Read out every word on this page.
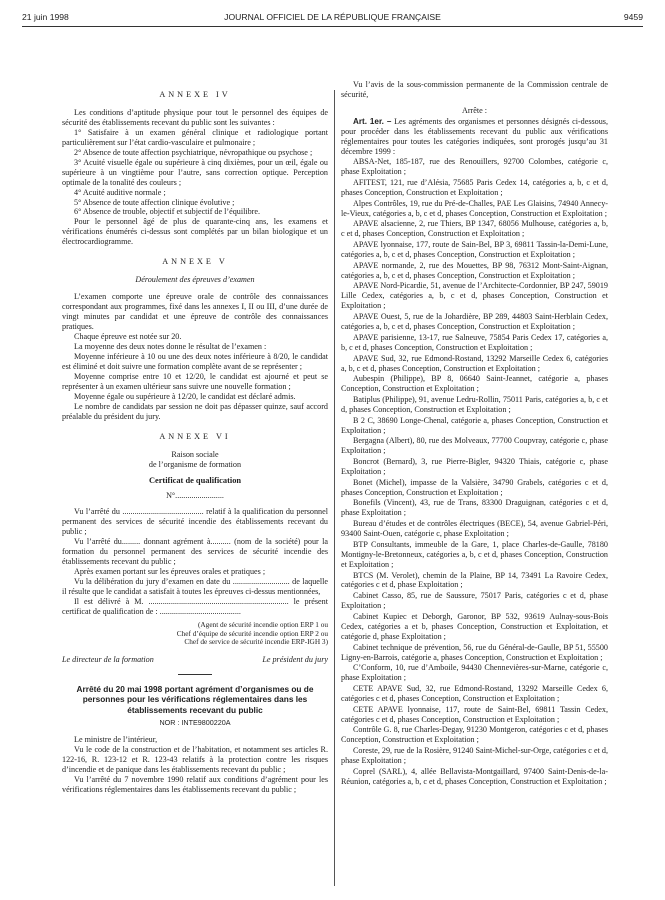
21 juin 1998	JOURNAL OFFICIEL DE LA RÉPUBLIQUE FRANÇAISE	9459
ANNEXE IV

Les conditions d’aptitude physique pour tout le personnel des équipes de sécurité des établissements recevant du public sont les suivantes :

1° Satisfaire à un examen général clinique et radiologique portant particulièrement sur l’état cardio-vasculaire et pulmonaire ;

2° Absence de toute affection psychiatrique, névropathique ou psychose ;

3° Acuité visuelle égale ou supérieure à cinq dixièmes, pour un œil, égale ou supérieure à un vingtième pour l’autre, sans correction optique. Perception optimale de la tonalité des couleurs ;

4° Acuité auditive normale ;

5° Absence de toute affection clinique évolutive ;

6° Absence de trouble, objectif et subjectif de l’équilibre.

Pour le personnel âgé de plus de quarante-cinq ans, les examens et vérifications énumérés ci-dessus sont complétés par un bilan biologique et un électrocardiogramme.

ANNEXE V
Déroulement des épreuves d’examen

L’examen comporte une épreuve orale de contrôle des connaissances correspondant aux programmes, fixé dans les annexes I, II ou III, d’une durée de vingt minutes par candidat et une épreuve de contrôle des connaissances pratiques.

Chaque épreuve est notée sur 20.

La moyenne des deux notes donne le résultat de l’examen :

Moyenne inférieure à 10 ou une des deux notes inférieure à 8/20, le candidat est éliminé et doit suivre une formation complète avant de se représenter ;

Moyenne comprise entre 10 et 12/20, le candidat est ajourné et peut se représenter à un examen ultérieur sans suivre une nouvelle formation ;

Moyenne égale ou supérieure à 12/20, le candidat est déclaré admis.

Le nombre de candidats par session ne doit pas dépasser quinze, sauf accord préalable du président du jury.

ANNEXE VI

Raison sociale

de l’organisme de formation

Certificat de qualification

N°........................

Vu l’arrêté du ........................................ relatif à la qualification du personnel permanent des services de sécurité incendie des établissements recevant du public ;

Vu l’arrêté du......... donnant agrément à.......... (nom de la société) pour la formation du personnel permanent des services de sécurité incendie des établissements recevant du public ;

Après examen portant sur les épreuves orales et pratiques ;

Vu la délibération du jury d’examen en date du ............................ de laquelle il résulte que le candidat a satisfait à toutes les épreuves ci-dessus mentionnées,

Il est délivré à M. ..................................................................... le présent certificat de qualification de : ........................................

(Agent de sécurité incendie option ERP 1 ou
Chef d’équipe de sécurité incendie option ERP 2 ou
Chef de service de sécurité incendie ERP-IGH 3)
Le directeur de la formation	Le président du jury
Arrêté du 20 mai 1998 portant agrément d’organismes ou de personnes pour les vérifications réglementaires dans les établissements recevant du public
NOR : INTE9800220A

Le ministre de l’intérieur,

Vu le code de la construction et de l’habitation, et notamment ses articles R. 122-16, R. 123-12 et R. 123-43 relatifs à la protection contre les risques d’incendie et de panique dans les établissements recevant du public ;

Vu l’arrêté du 7 novembre 1990 relatif aux conditions d’agrément pour les vérifications réglementaires dans les établissements recevant du public ;

Vu l’avis de la sous-commission permanente de la Commission centrale de sécurité,

Arrête :

Art. 1er. – Les agréments des organismes et personnes désignés ci-dessous, pour procéder dans les établissements recevant du public aux vérifications réglementaires pour toutes les catégories indiquées, sont prorogés jusqu’au 31 décembre 1999 :

ABSA-Net, 185-187, rue des Renouillers, 92700 Colombes, catégorie c, phase Exploitation ;

AFITEST, 121, rue d’Alésia, 75685 Paris Cedex 14, catégories a, b, c et d, phases Conception, Construction et Exploitation ;

Alpes Contrôles, 19, rue du Pré-de-Challes, PAE Les Glaisins, 74940 Annecy-le-Vieux, catégories a, b, c et d, phases Conception, Construction et Exploitation ;

APAVE alsacienne, 2, rue Thiers, BP 1347, 68056 Mulhouse, catégories a, b, c et d, phases Conception, Construction et Exploitation ;

APAVE lyonnaise, 177, route de Sain-Bel, BP 3, 69811 Tassin-la-Demi-Lune, catégories a, b, c et d, phases Conception, Construction et Exploitation ;

APAVE normande, 2, rue des Mouettes, BP 98, 76312 Mont-Saint-Aignan, catégories a, b, c et d, phases Conception, Construction et Exploitation ;

APAVE Nord-Picardie, 51, avenue de l’Architecte-Cordonnier, BP 247, 59019 Lille Cedex, catégories a, b, c et d, phases Conception, Construction et Exploitation ;

APAVE Ouest, 5, rue de la Johardière, BP 289, 44803 Saint-Herblain Cedex, catégories a, b, c et d, phases Conception, Construction et Exploitation ;

APAVE parisienne, 13-17, rue Salneuve, 75854 Paris Cedex 17, catégories a, b, c et d, phases Conception, Construction et Exploitation ;

APAVE Sud, 32, rue Edmond-Rostand, 13292 Marseille Cedex 6, catégories a, b, c et d, phases Conception, Construction et Exploitation ;

Aubespin (Philippe), BP 8, 06640 Saint-Jeannet, catégorie a, phases Conception, Construction et Exploitation ;

Batiplus (Philippe), 91, avenue Ledru-Rollin, 75011 Paris, catégories a, b, c et d, phases Conception, Construction et Exploitation ;

B 2 C, 38690 Longe-Chenal, catégorie a, phases Conception, Construction et Exploitation ;

Bergagna (Albert), 80, rue des Molveaux, 77700 Coupvray, catégorie c, phase Exploitation ;

Boncrot (Bernard), 3, rue Pierre-Bigler, 94320 Thiais, catégorie c, phase Exploitation ;

Bonet (Michel), impasse de la Valsière, 34790 Grabels, catégories c et d, phases Conception, Construction et Exploitation ;

Bonefils (Vincent), 43, rue de Trans, 83300 Draguignan, catégories c et d, phase Exploitation ;

Bureau d’études et de contrôles électriques (BECE), 54, avenue Gabriel-Péri, 93400 Saint-Ouen, catégorie c, phase Exploitation ;

BTP Consultants, immeuble de la Gare, 1, place Charles-de-Gaulle, 78180 Montigny-le-Bretonneux, catégories a, b, c et d, phases Conception, Construction et Exploitation ;

BTCS (M. Verolet), chemin de la Plaine, BP 14, 73491 La Ravoire Cedex, catégories c et d, phase Exploitation ;

Cabinet Casso, 85, rue de Saussure, 75017 Paris, catégories c et d, phase Exploitation ;

Cabinet Kupiec et Deborgh, Garonor, BP 532, 93619 Aulnay-sous-Bois Cedex, catégories a et b, phases Conception, Construction et Exploitation, et catégorie d, phase Exploitation ;

Cabinet technique de prévention, 56, rue du Général-de-Gaulle, BP 51, 55500 Ligny-en-Barrois, catégorie a, phases Conception, Construction et Exploitation ;

C’Conform, 10, rue d’Amboile, 94430 Chennevières-sur-Marne, catégorie c, phase Exploitation ;

CETE APAVE Sud, 32, rue Edmond-Rostand, 13292 Marseille Cedex 6, catégories c et d, phases Conception, Construction et Exploitation ;

CETE APAVE lyonnaise, 117, route de Saint-Bel, 69811 Tassin Cedex, catégories c et d, phases Conception, Construction et Exploitation ;

Contrôle G. 8, rue Charles-Degay, 91230 Montgeron, catégories c et d, phases Conception, Construction et Exploitation ;

Coreste, 29, rue de la Rosière, 91240 Saint-Michel-sur-Orge, catégories c et d, phase Exploitation ;

Coprel (SARL), 4, allée Bellavista-Montgaillard, 97400 Saint-Denis-de-la-Réunion, catégories a, b, c et d, phases Conception, Construction et Exploitation ;
